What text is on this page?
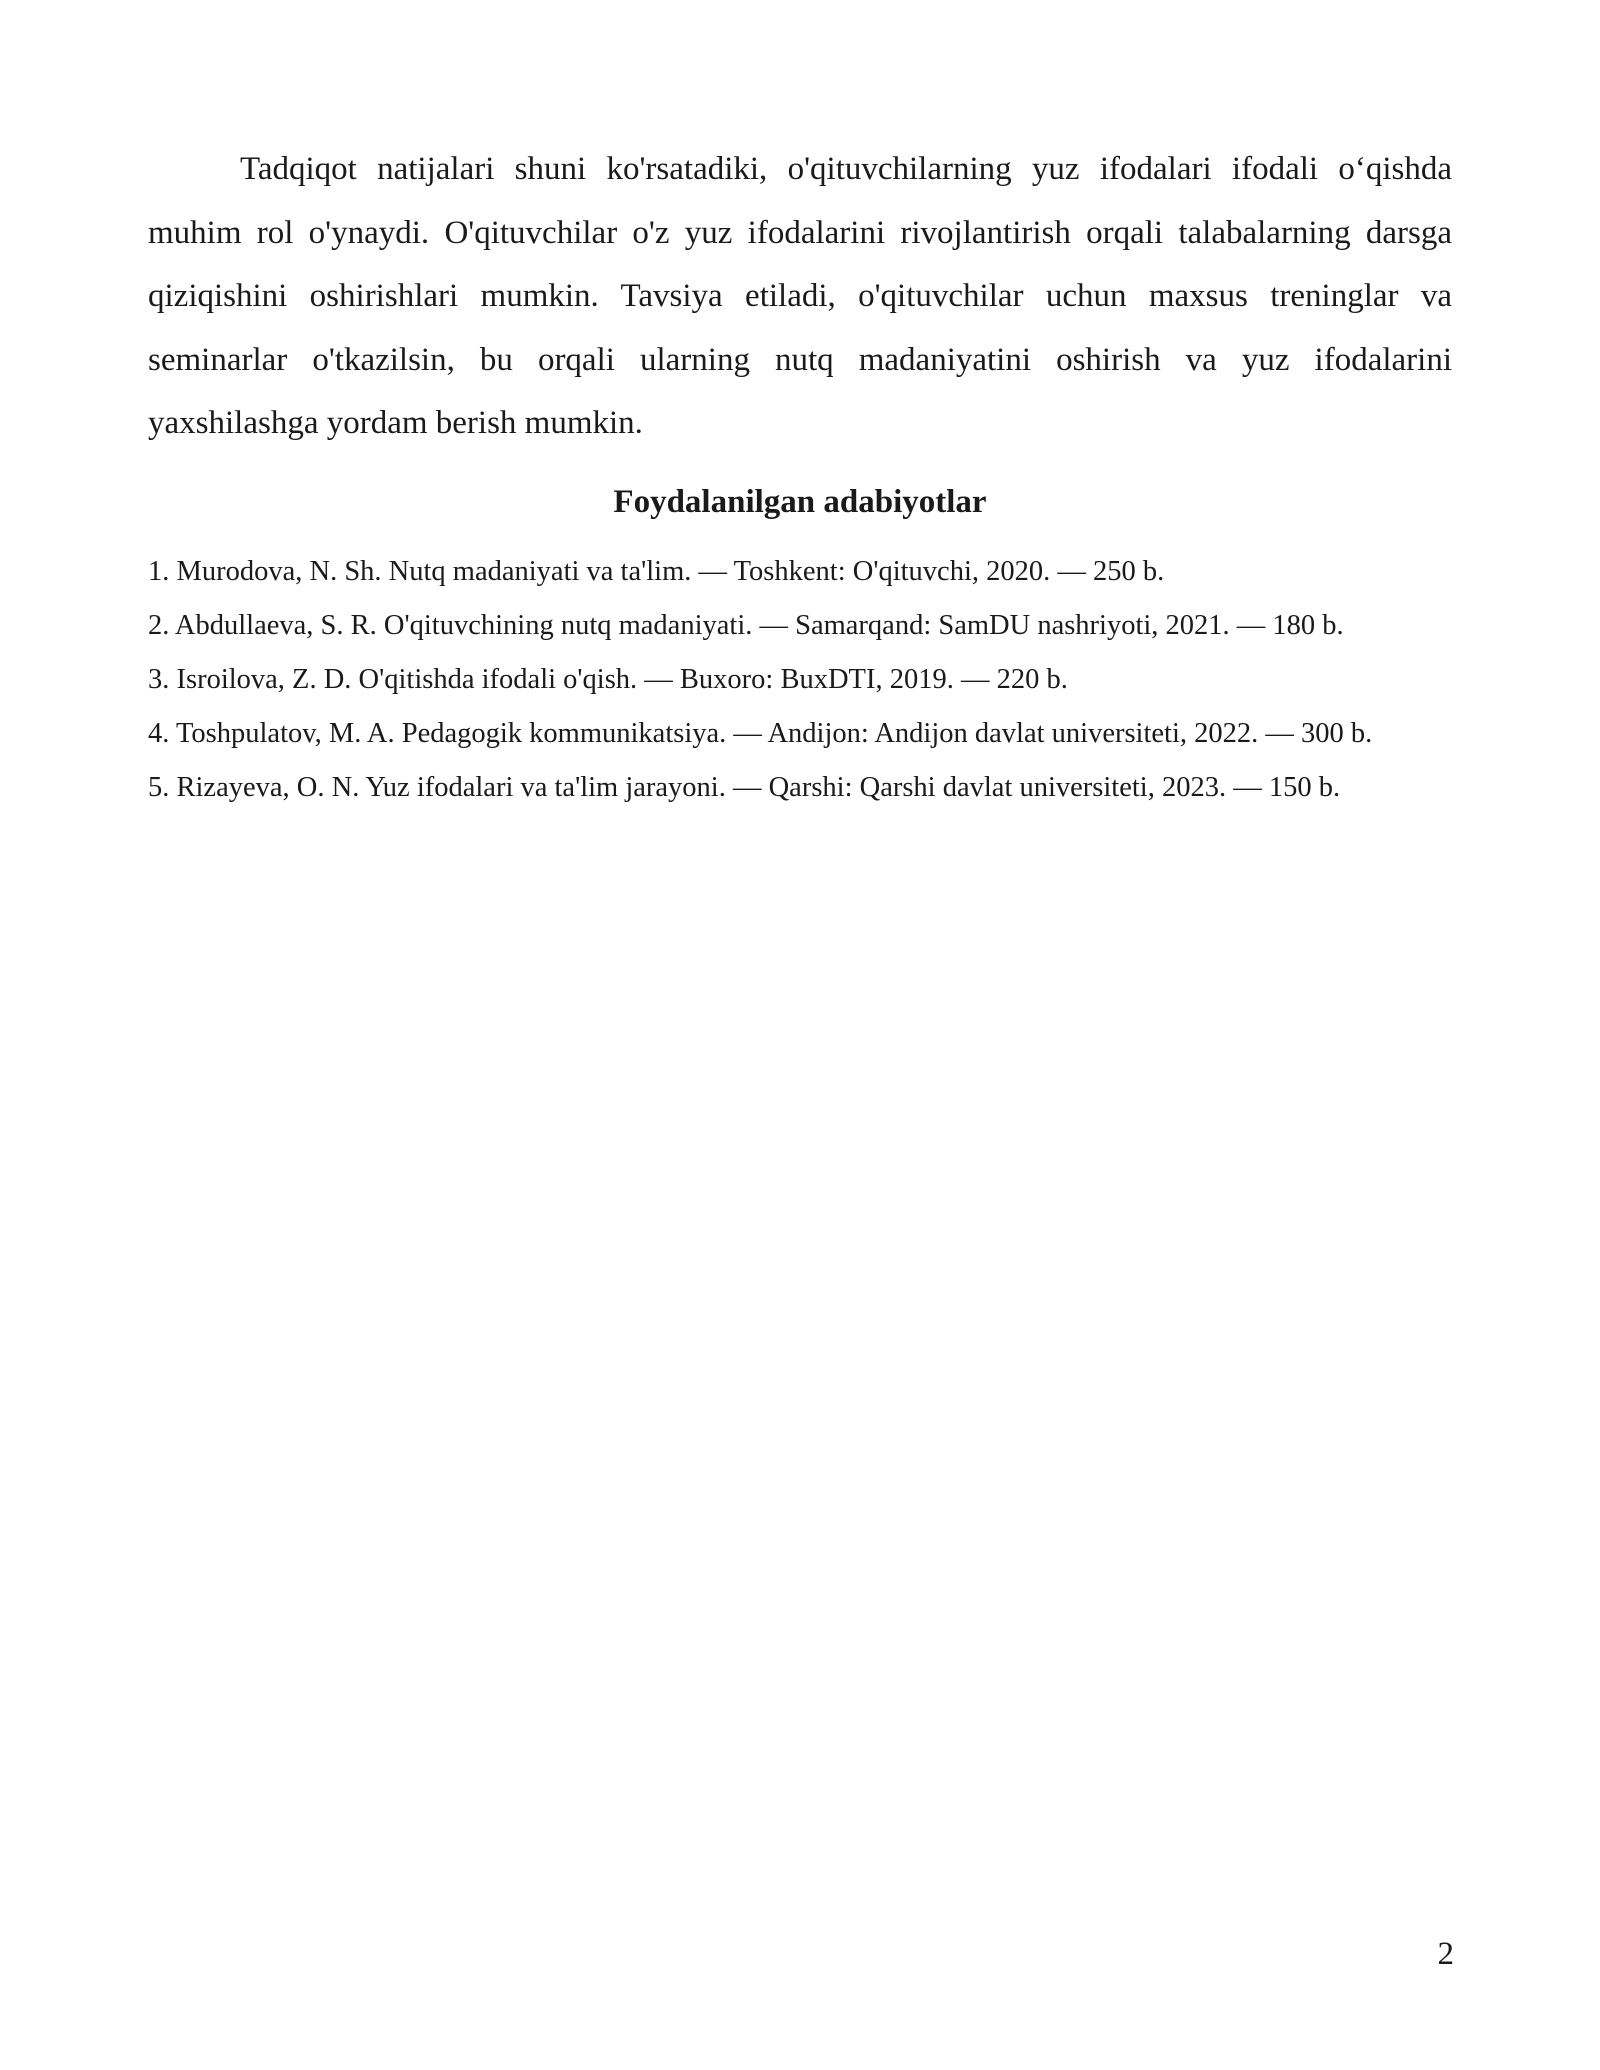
Tadqiqot natijalari shuni ko'rsatadiki, o'qituvchilarning yuz ifodalari ifodali o‘qishda muhim rol o'ynaydi. O'qituvchilar o'z yuz ifodalarini rivojlantirish orqali talabalarning darsga qiziqishini oshirishlari mumkin. Tavsiya etiladi, o'qituvchilar uchun maxsus treninglar va seminarlar o'tkazilsin, bu orqali ularning nutq madaniyatini oshirish va yuz ifodalarini yaxshilashga yordam berish mumkin.

Foydalanilgan adabiyotlar
1. Murodova, N. Sh. Nutq madaniyati va ta'lim. — Toshkent: O'qituvchi, 2020. — 250 b.
2. Abdullaeva, S. R. O'qituvchining nutq madaniyati. — Samarqand: SamDU nashriyoti, 2021. — 180 b.
3. Isroilova, Z. D. O'qitishda ifodali o'qish. — Buxoro: BuxDTI, 2019. — 220 b.
4. Toshpulatov, M. A. Pedagogik kommunikatsiya. — Andijon: Andijon davlat universiteti, 2022. — 300 b.
5. Rizayeva, O. N. Yuz ifodalari va ta'lim jarayoni. — Qarshi: Qarshi davlat universiteti, 2023. — 150 b.
2
